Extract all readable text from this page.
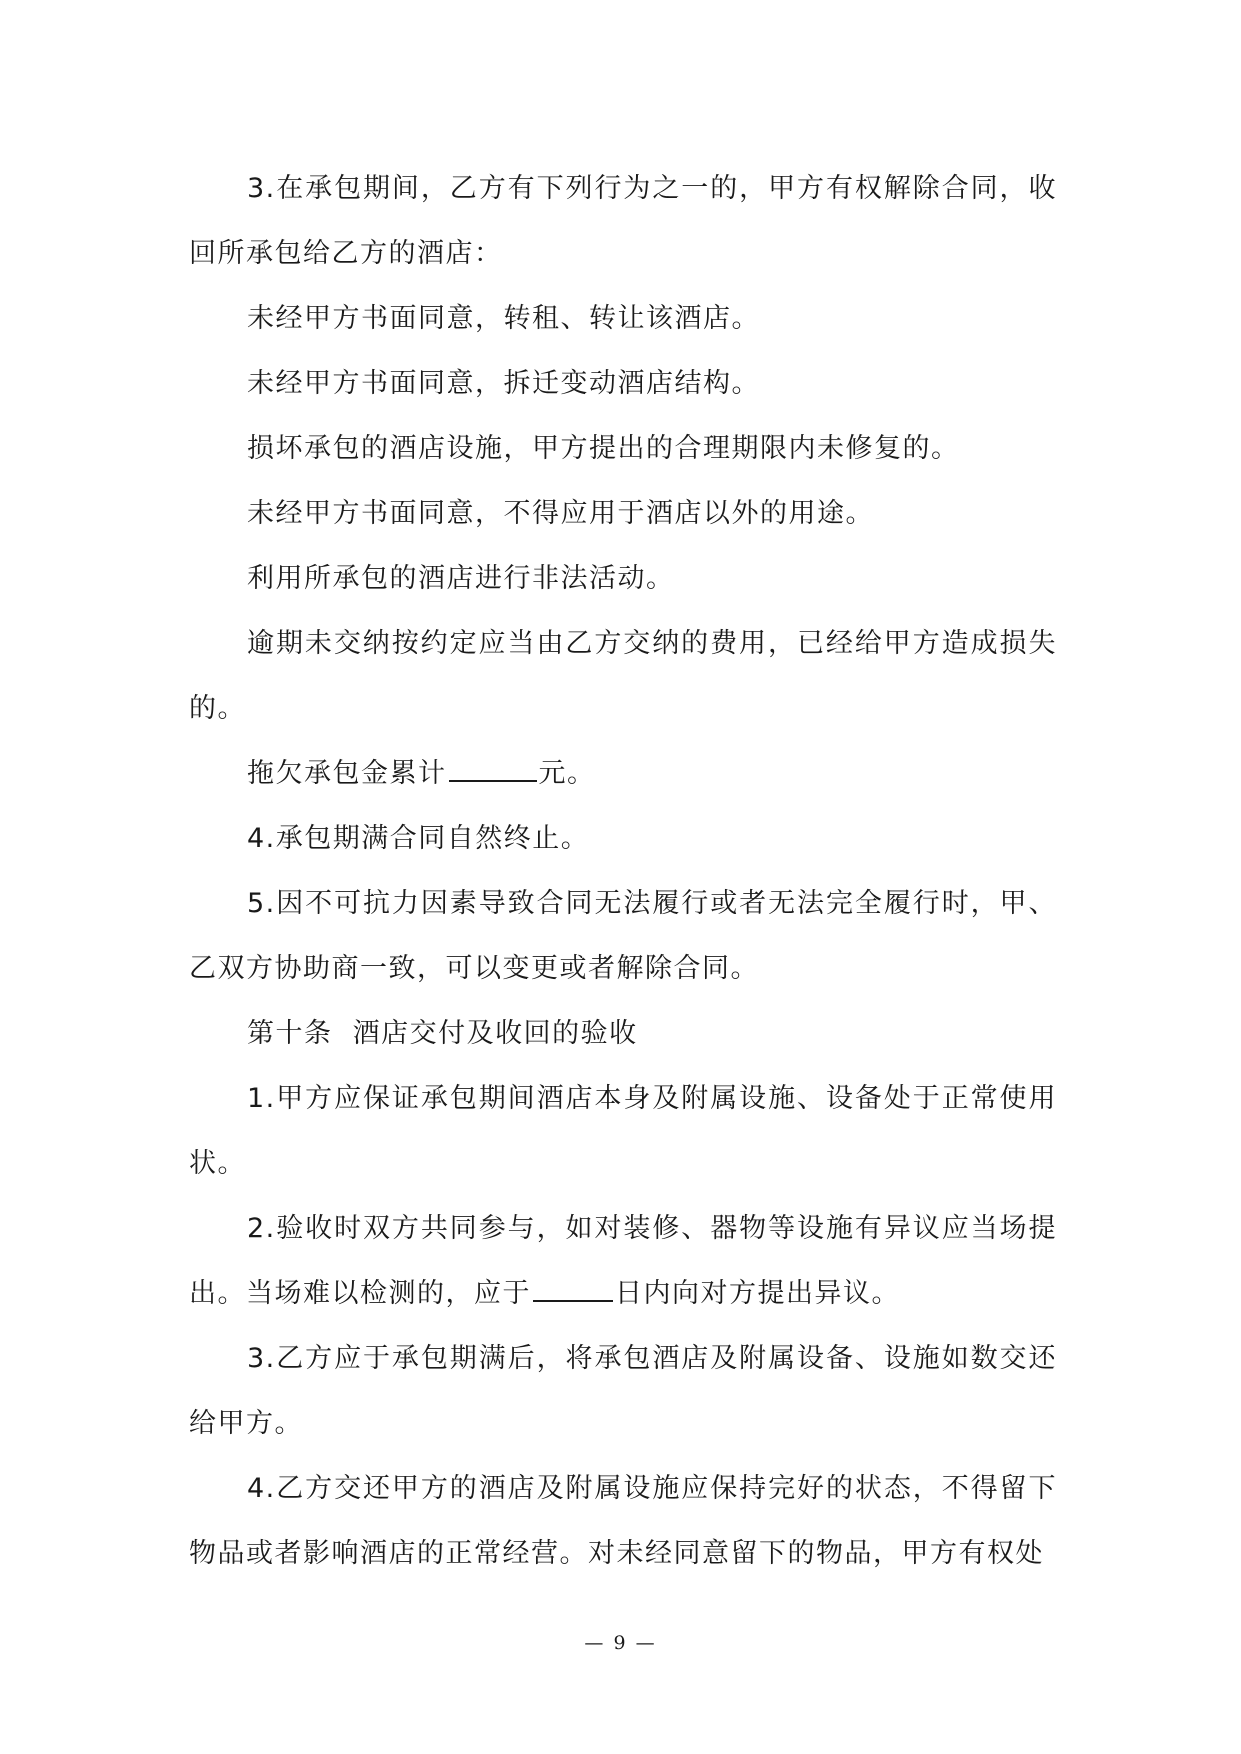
3.在承包期间，乙方有下列行为之一的，甲方有权解除合同，收回所承包给乙方的酒店：

未经甲方书面同意，转租、转让该酒店。

未经甲方书面同意，拆迁变动酒店结构。

损坏承包的酒店设施，甲方提出的合理期限内未修复的。

未经甲方书面同意，不得应用于酒店以外的用途。

利用所承包的酒店进行非法活动。

逾期未交纳按约定应当由乙方交纳的费用，已经给甲方造成损失的。

拖欠承包金累计	元。

4.承包期满合同自然终止。

5.因不可抗力因素导致合同无法履行或者无法完全履行时，甲、乙双方协助商一致，可以变更或者解除合同。

第十条  酒店交付及收回的验收

1.甲方应保证承包期间酒店本身及附属设施、设备处于正常使用状。

2.验收时双方共同参与，如对装修、器物等设施有异议应当场提出。当场难以检测的，应于	日内向对方提出异议。

3.乙方应于承包期满后，将承包酒店及附属设备、设施如数交还给甲方。

4.乙方交还甲方的酒店及附属设施应保持完好的状态，不得留下物品或者影响酒店的正常经营。对未经同意留下的物品，甲方有权处

— 9 —
